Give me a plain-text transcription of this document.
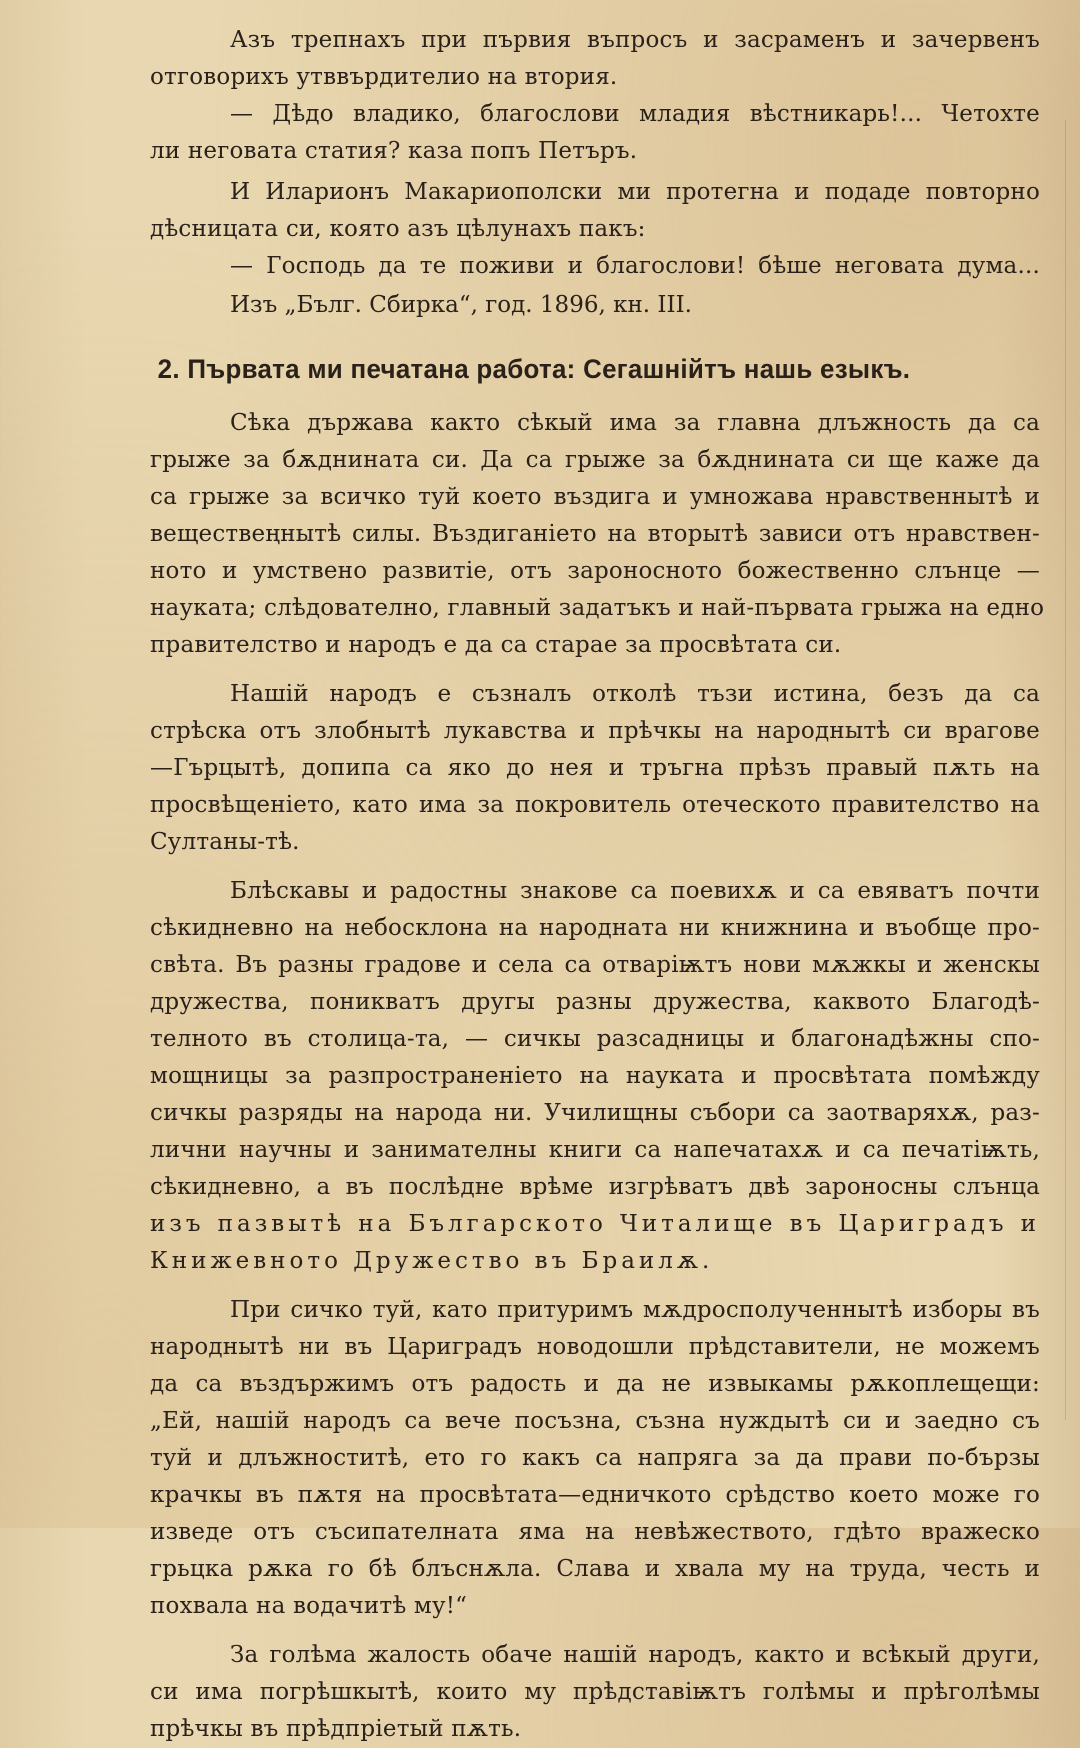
Азъ трепнахъ при първия въпросъ и засраменъ и зачервенъ
отговорихъ утввърдителио на втория.
— Дѣдо владико, благослови младия вѣстникарь!... Четохте
ли неговата статия? каза попъ Петъръ.
И Иларионъ Макариополски ми протегна и подаде повторно
дѣсницата си, която азъ цѣлунахъ пакъ:
— Господь да те поживи и благослови! бѣше неговата дума...
Изъ „Бълг. Сбирка“, год. 1896, кн. III.
2. Първата ми печатана работа: Сегашнійтъ нашь езыкъ.
Сѣка държава както сѣкый има за главна длъжность да са
грыже за бѫднината си. Да са грыже за бѫднината си ще каже да
са грыже за всичко туй което въздига и умножава нравственнытѣ и
веществеңнытѣ силы. Въздиганіето на вторытѣ зависи отъ нравствен-
ното и умствено развитіе, отъ зароносното божественно слънце —
науката; слѣдователно, главный задатъкъ и най-първата грыжа на едно
правителство и народъ е да са старае за просвѣтата си.
Нашій народъ е съзналъ отколѣ тъзи истина, безъ да са
стрѣска отъ злобнытѣ лукавства и прѣчкы на народнытѣ си врагове
—Гърцытѣ, допипа са яко до нея и тръгна прѣзъ правый пѫть на
просвѣщеніето, като има за покровитель отеческото правителство на
Султаны-тѣ.
Блѣскавы и радостны знакове са поевихѫ и са евяватъ почти
сѣкидневно на небосклона на народната ни книжнина и въобще про-
свѣта. Въ разны градове и села са отваріѭтъ нови мѫжкы и женскы
дружества, поникватъ другы разны дружества, каквото Благодѣ-
телното въ столица-та, — сичкы разсадницы и благонадѣжны спо-
мощницы за разпространеніето на науката и просвѣтата помѣжду
сичкы разряды на народа ни. Училищны събори са заотваряхѫ, раз-
лични научны и занимателны книги са напечатахѫ и са печатіѭть,
сѣкидневно, а въ послѣдне врѣме изгрѣватъ двѣ зароносны слънца
изъ пазвытѣ на Българското Читалище въ Цариградъ и
Книжевното Дружество въ Браилѫ.
При сичко туй, като притуримъ мѫдросполученнытѣ изборы въ
народнытѣ ни въ Цариградъ новодошли прѣдставители, не можемъ
да са въздържимъ отъ радость и да не извыкамы рѫкоплещещи:
„Ей, нашій народъ са вече посъзна, съзна нуждытѣ си и заедно съ
туй и длъжноститѣ, ето го какъ са напряга за да прави по-бързы
крачкы въ пѫтя на просвѣтата—едничкото срѣдство което може го
изведе отъ съсипателната яма на невѣжеството, гдѣто вражеско
грьцка рѫка го бѣ блъснѫла. Слава и хвала му на труда, честь и
похвала на водачитѣ му!“
За голѣма жалость обаче нашій народъ, както и всѣкый други,
си има погрѣшкытѣ, които му прѣдставіѭтъ голѣмы и прѣголѣмы
прѣчкы въ прѣдпріетый пѫть.
